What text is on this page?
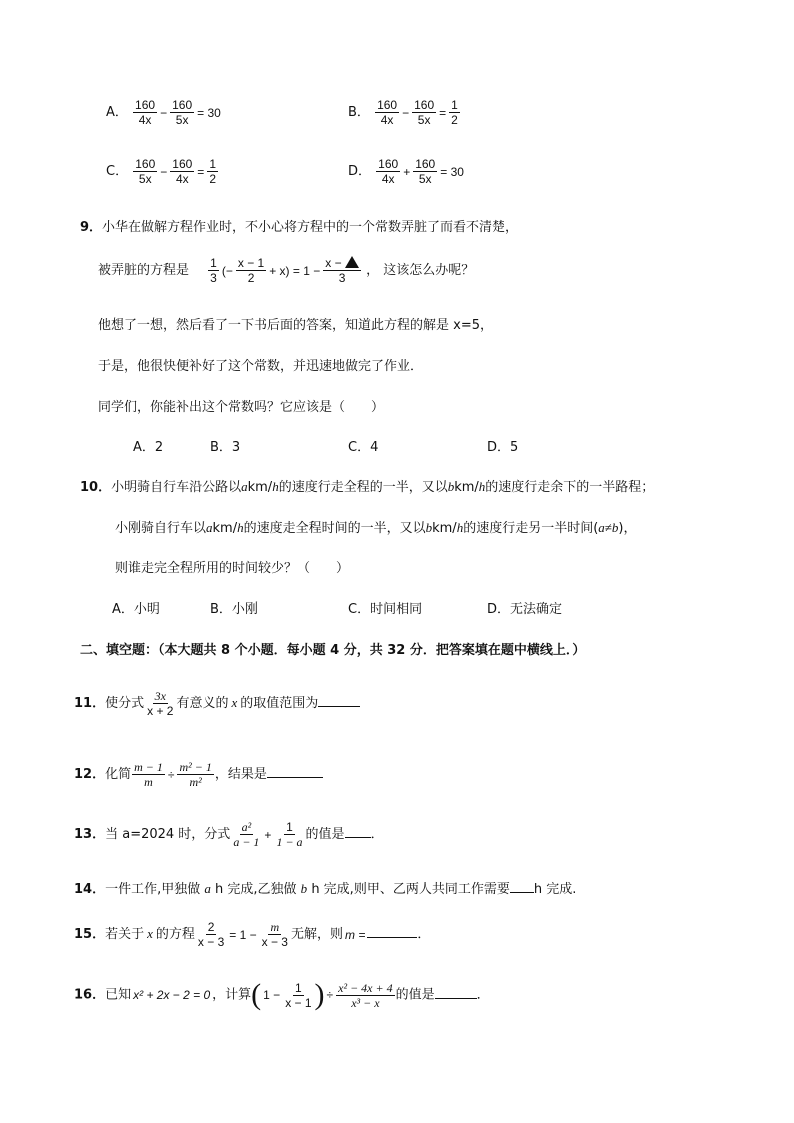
A． $\frac{160}{4x} - \frac{160}{5x} = 30$	B． $\frac{160}{4x} - \frac{160}{5x} = \frac{1}{2}$
C． $\frac{160}{5x} - \frac{160}{4x} = \frac{1}{2}$	D． $\frac{160}{4x} + \frac{160}{5x} = 30$
9．小华在做解方程作业时，不小心将方程中的一个常数弄脏了而看不清楚，
被弄脏的方程是 $\frac{1}{3}$ (− $\frac{x - 1}{2} + x) = 1 - \frac{x -}{3}$ ， 这该怎么办呢？
他想了一想，然后看了一下书后面的答案，知道此方程的解是 x=5，
于是，他很快便补好了这个常数，并迅速地做完了作业．
同学们，你能补出这个常数吗？它应该是（　　）
A．2	B．3	C．4	D．5
10．小明骑自行车沿公路以akm/h的速度行走全程的一半，又以bkm/h的速度行走余下的一半路程；
小刚骑自行车以akm/h的速度走全程时间的一半，又以bkm/h的速度行走另一半时间(a≠b)，
则谁走完全程所用的时间较少？（　　）
A．小明	B．小刚	C．时间相同	D．无法确定
二、填空题：（本大题共 8 个小题．每小题 4 分，共 32 分．把答案填在题中横线上．）
11．使分式 $\frac{3x}{x + 2}$ 有意义的 x 的取值范围为
12．化简 $\frac{m - 1}{m} \div \frac{\text{m² − 1}}{\text{m²}}$ ，结果是
13．当 a=2024 时，分式 $\frac{\text{a²}}{a - 1} + \frac{1}{1 - a}$ 的值是 ．
14．一件工作,甲独做 a h 完成,乙独做 b h 完成,则甲、乙两人共同工作需要 h 完成.
15．若关于 x 的方程 $\frac{2}{x - 3} = 1 - \frac{m}{x - 3}$ 无解，则 m =	．
16．已知 x² + 2x − 2 = 0 ，计算( $1 - \frac{1}{x - 1}$ ) ÷ $\frac{\text{x² − 4x + 4}}{\text{x³ − x}}$ 的值是	．
